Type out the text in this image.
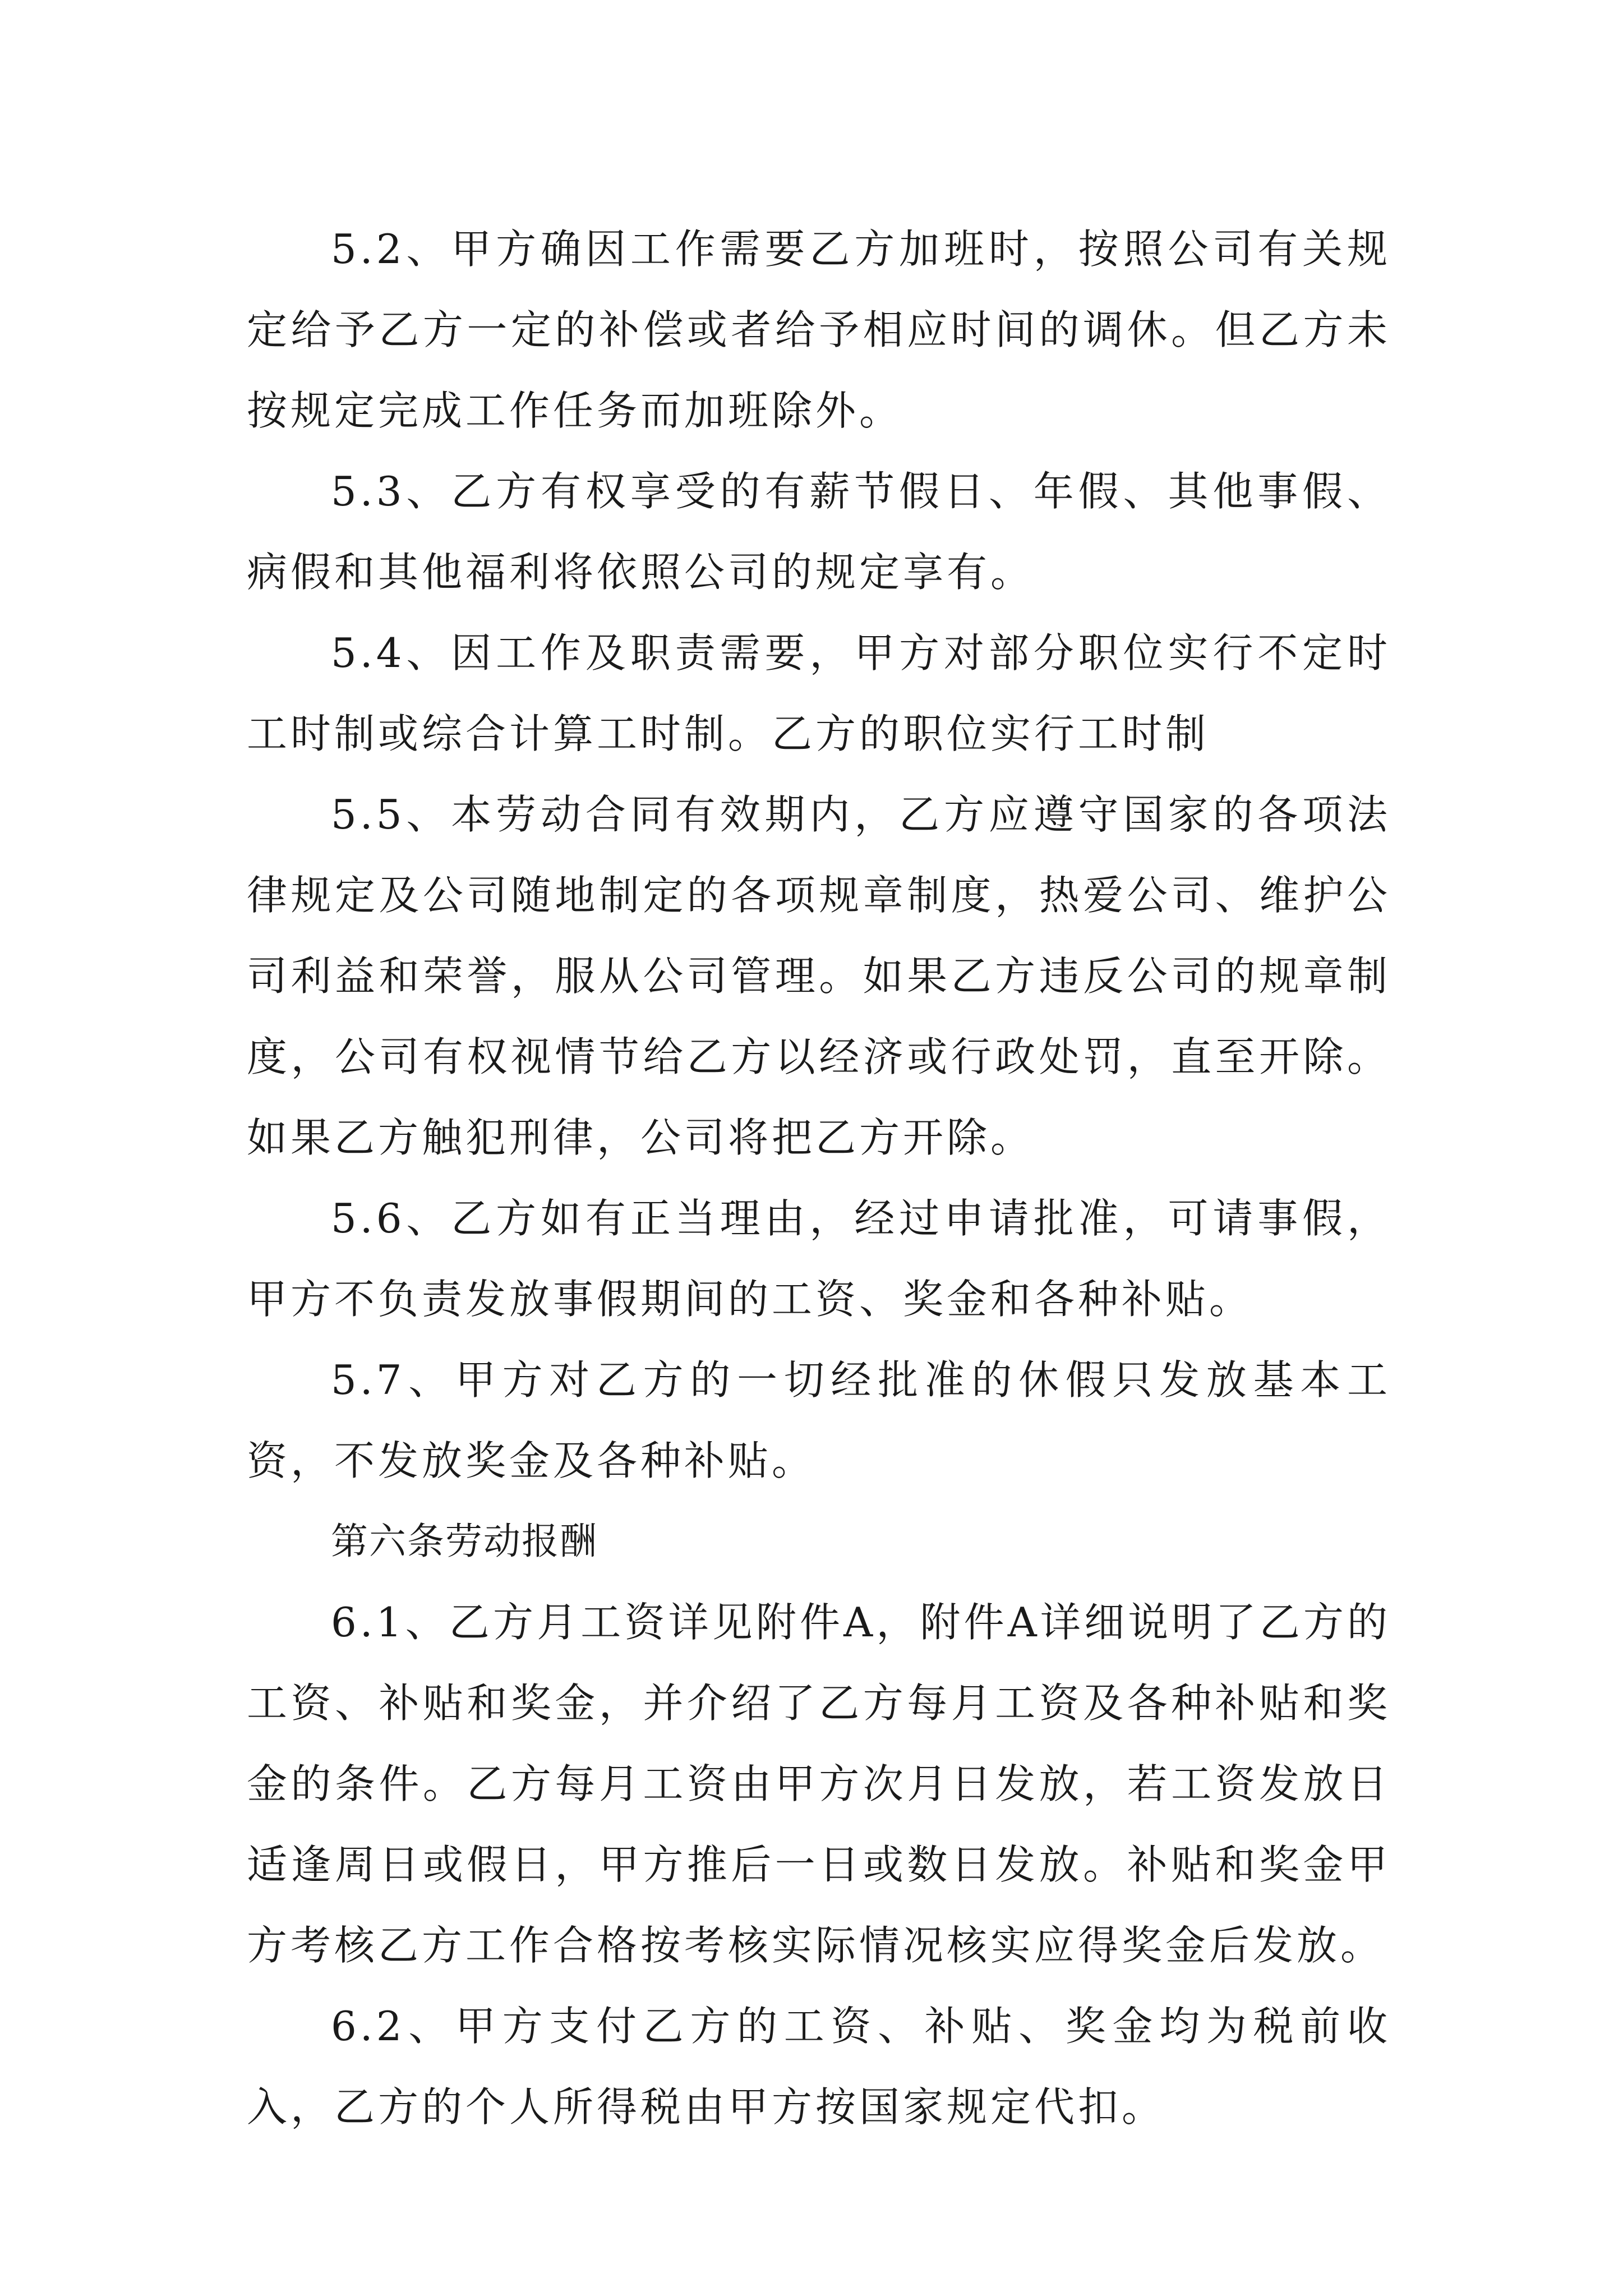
5.2、甲方确因工作需要乙方加班时，按照公司有关规定给予乙方一定的补偿或者给予相应时间的调休。但乙方未按规定完成工作任务而加班除外。

5.3、乙方有权享受的有薪节假日、年假、其他事假、病假和其他福利将依照公司的规定享有。

5.4、因工作及职责需要，甲方对部分职位实行不定时工时制或综合计算工时制。乙方的职位实行工时制

5.5、本劳动合同有效期内，乙方应遵守国家的各项法律规定及公司随地制定的各项规章制度，热爱公司、维护公司利益和荣誉，服从公司管理。如果乙方违反公司的规章制度，公司有权视情节给乙方以经济或行政处罚，直至开除。如果乙方触犯刑律，公司将把乙方开除。

5.6、乙方如有正当理由，经过申请批准，可请事假，甲方不负责发放事假期间的工资、奖金和各种补贴。

5.7、甲方对乙方的一切经批准的休假只发放基本工资，不发放奖金及各种补贴。

第六条劳动报酬

6.1、乙方月工资详见附件A，附件A详细说明了乙方的工资、补贴和奖金，并介绍了乙方每月工资及各种补贴和奖金的条件。乙方每月工资由甲方次月日发放，若工资发放日适逢周日或假日，甲方推后一日或数日发放。补贴和奖金甲方考核乙方工作合格按考核实际情况核实应得奖金后发放。

6.2、甲方支付乙方的工资、补贴、奖金均为税前收入，乙方的个人所得税由甲方按国家规定代扣。
